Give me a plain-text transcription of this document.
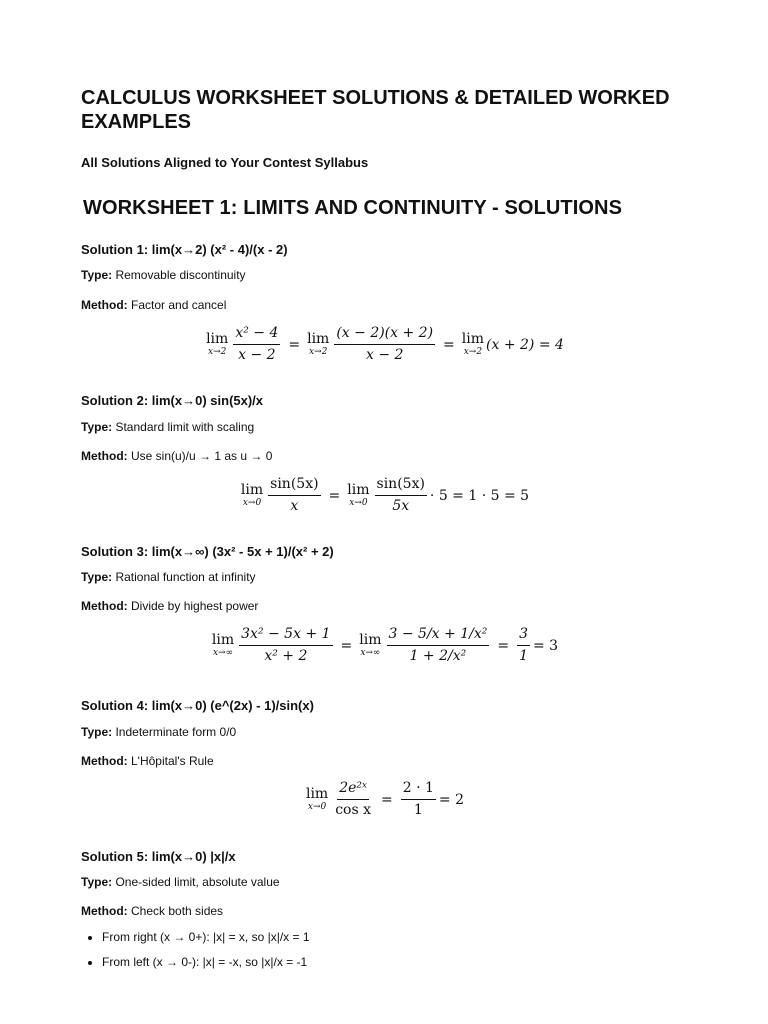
CALCULUS WORKSHEET SOLUTIONS & DETAILED WORKED EXAMPLES

All Solutions Aligned to Your Contest Syllabus

WORKSHEET 1: LIMITS AND CONTINUITY - SOLUTIONS
Solution 1: lim(x→2) (x² - 4)/(x - 2)

Type: Removable discontinuity

Method: Factor and cancel

lim
$x\to 2 \frac{\text{x² − 4}}{x - 2} = \lim$
$x\to 2 \frac{(x - 2)(x + 2)}{x - 2} = \lim$
x→2 (x + 2) = 4
Solution 2: lim(x→0) sin(5x)/x

Type: Standard limit with scaling

Method: Use sin(u)/u → 1 as u → 0

lim
$x\to 0 \frac{\sin(5x)}{x} = \lim$
$x\to 0 \frac{\sin(5x)}{5x} \cdot 5 = 1 \cdot 5 = 5$
Solution 3: lim(x→∞) (3x² - 5x + 1)/(x² + 2)

Type: Rational function at infinity

Method: Divide by highest power

lim
$x\to\infty \frac{\text{3x² − 5x + 1}}{\text{x² + 2}} = \lim$
$x\to\infty \frac{\text{3 − 5/x + 1/x²}}{\text{1 + 2/x²}} = \frac{3}{1} = 3$
Solution 4: lim(x→0) (e^(2x) - 1)/sin(x)

Type: Indeterminate form 0/0

Method: L'Hôpital's Rule

lim
$x\to 0 \frac{\text{2e²ˣ}}{\text{cos x}} = \frac{2 \cdot 1}{1} = 2$
Solution 5: lim(x→0) |x|/x

Type: One-sided limit, absolute value

Method: Check both sides

• From right (x → 0+): |x| = x, so |x|/x = 1
• From left (x → 0-): |x| = -x, so |x|/x = -1
